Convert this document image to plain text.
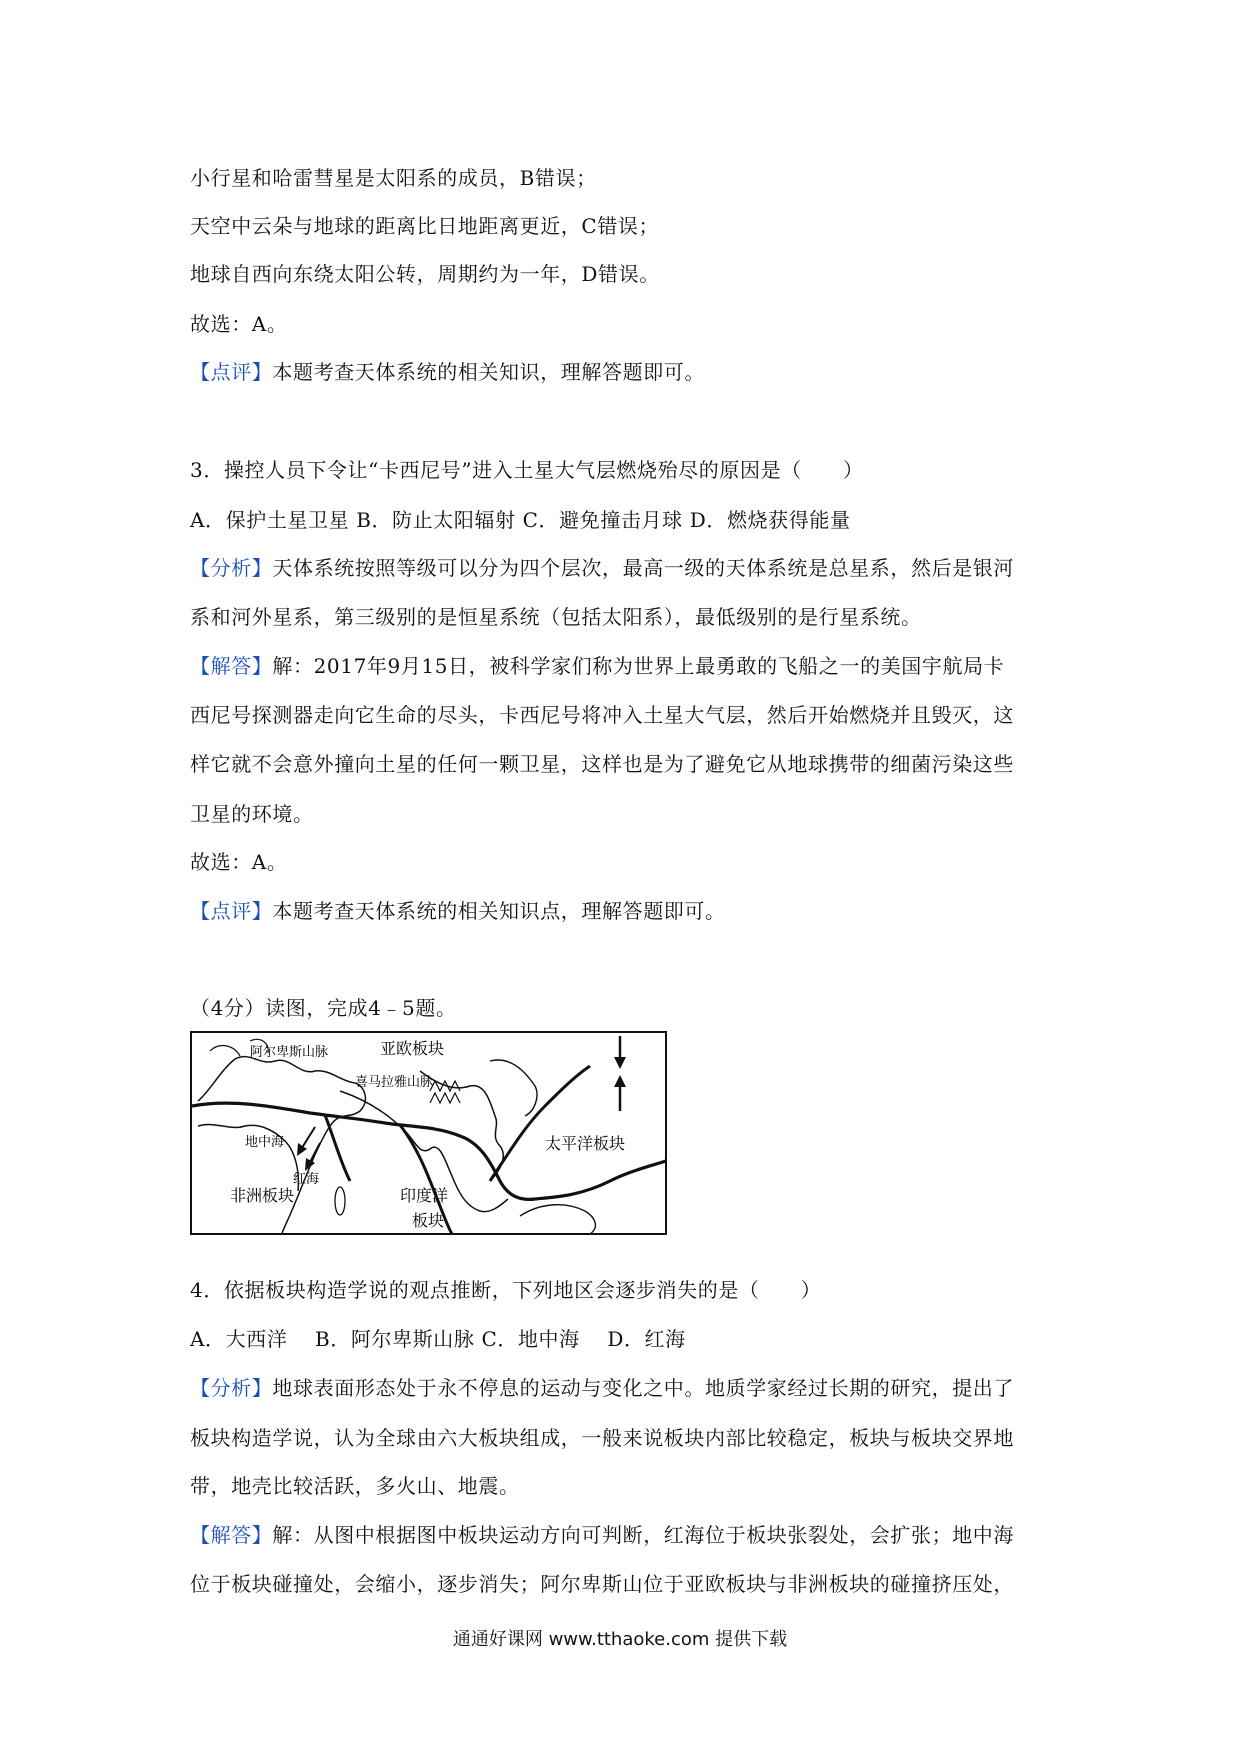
小行星和哈雷彗星是太阳系的成员，B错误；
天空中云朵与地球的距离比日地距离更近，C错误；
地球自西向东绕太阳公转，周期约为一年，D错误。
故选：A。
【点评】本题考查天体系统的相关知识，理解答题即可。
3．操控人员下令让“卡西尼号”进入土星大气层燃烧殆尽的原因是（　　）
A．保护土星卫星 B．防止太阳辐射 C．避免撞击月球 D．燃烧获得能量
【分析】天体系统按照等级可以分为四个层次，最高一级的天体系统是总星系，然后是银河
系和河外星系，第三级别的是恒星系统（包括太阳系），最低级别的是行星系统。
【解答】解：2017年9月15日，被科学家们称为世界上最勇敢的飞船之一的美国宇航局卡
西尼号探测器走向它生命的尽头，卡西尼号将冲入土星大气层，然后开始燃烧并且毁灭，这
样它就不会意外撞向土星的任何一颗卫星，这样也是为了避免它从地球携带的细菌污染这些
卫星的环境。
故选：A。
【点评】本题考查天体系统的相关知识点，理解答题即可。
（4分）读图，完成4﹣5题。
阿尔卑斯山脉	亚欧板块
喜马拉雅山脉
地中海
红海
太平洋板块
非洲板块	印度洋
板块
4．依据板块构造学说的观点推断，下列地区会逐步消失的是（　　）
A．大西洋　 B．阿尔卑斯山脉 C．地中海　 D．红海
【分析】地球表面形态处于永不停息的运动与变化之中。地质学家经过长期的研究，提出了
板块构造学说，认为全球由六大板块组成，一般来说板块内部比较稳定，板块与板块交界地
带，地壳比较活跃，多火山、地震。
【解答】解：从图中根据图中板块运动方向可判断，红海位于板块张裂处，会扩张；地中海
位于板块碰撞处，会缩小，逐步消失；阿尔卑斯山位于亚欧板块与非洲板块的碰撞挤压处，
通通好课网 www.tthaoke.com 提供下载
